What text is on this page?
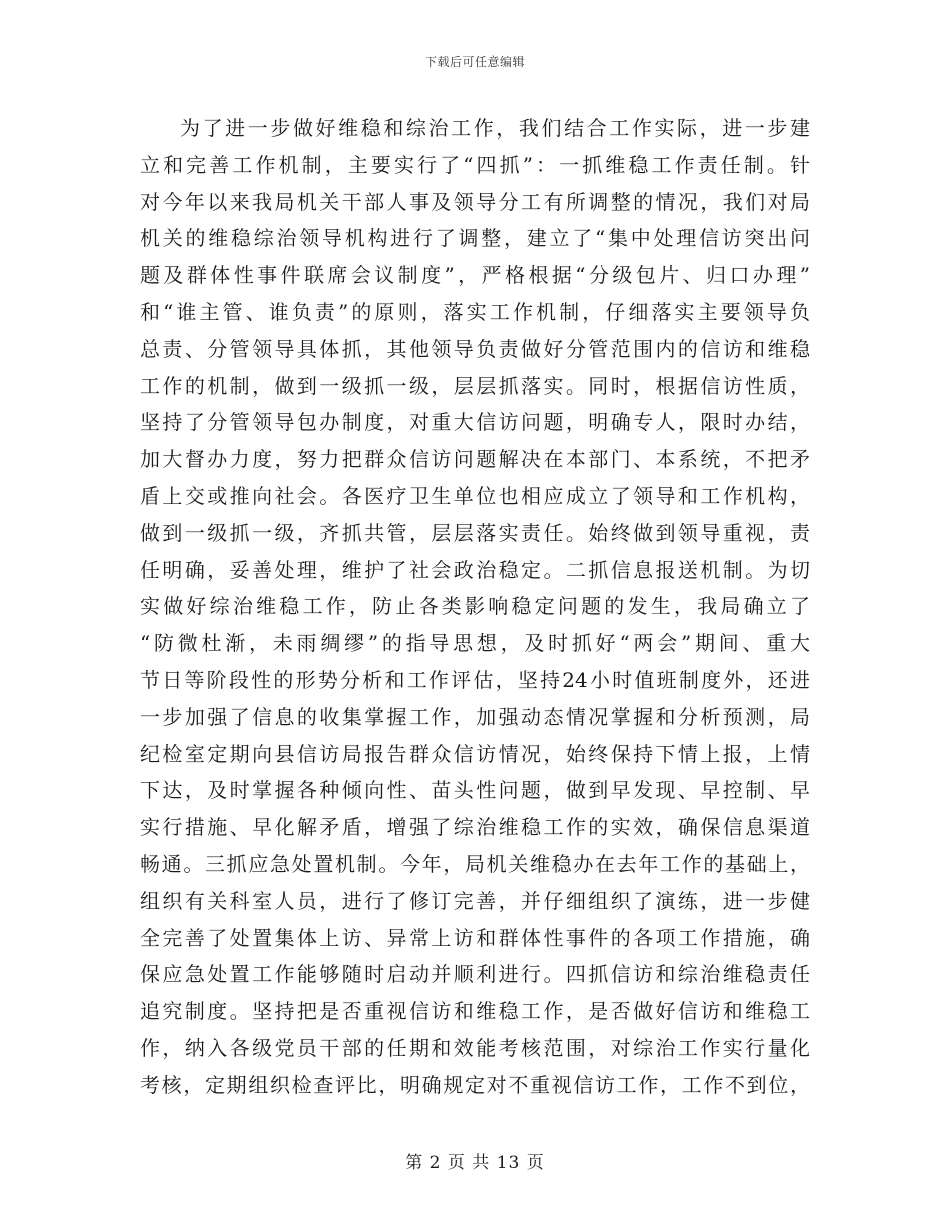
下载后可任意编辑
为了进一步做好维稳和综治工作，我们结合工作实际，进一步建
立和完善工作机制，主要实行了“四抓”：一抓维稳工作责任制。针
对今年以来我局机关干部人事及领导分工有所调整的情况，我们对局
机关的维稳综治领导机构进行了调整，建立了“集中处理信访突出问
题及群体性事件联席会议制度”，严格根据“分级包片、归口办理”
和“谁主管、谁负责”的原则，落实工作机制，仔细落实主要领导负
总责、分管领导具体抓，其他领导负责做好分管范围内的信访和维稳
工作的机制，做到一级抓一级，层层抓落实。同时，根据信访性质，
坚持了分管领导包办制度，对重大信访问题，明确专人，限时办结，
加大督办力度，努力把群众信访问题解决在本部门、本系统，不把矛
盾上交或推向社会。各医疗卫生单位也相应成立了领导和工作机构，
做到一级抓一级，齐抓共管，层层落实责任。始终做到领导重视，责
任明确，妥善处理，维护了社会政治稳定。二抓信息报送机制。为切
实做好综治维稳工作，防止各类影响稳定问题的发生，我局确立了
“防微杜渐，未雨绸缪”的指导思想，及时抓好“两会”期间、重大
节日等阶段性的形势分析和工作评估，坚持24小时值班制度外，还进
一步加强了信息的收集掌握工作，加强动态情况掌握和分析预测，局
纪检室定期向县信访局报告群众信访情况，始终保持下情上报，上情
下达，及时掌握各种倾向性、苗头性问题，做到早发现、早控制、早
实行措施、早化解矛盾，增强了综治维稳工作的实效，确保信息渠道
畅通。三抓应急处置机制。今年，局机关维稳办在去年工作的基础上，
组织有关科室人员，进行了修订完善，并仔细组织了演练，进一步健
全完善了处置集体上访、异常上访和群体性事件的各项工作措施，确
保应急处置工作能够随时启动并顺利进行。四抓信访和综治维稳责任
追究制度。坚持把是否重视信访和维稳工作，是否做好信访和维稳工
作，纳入各级党员干部的任期和效能考核范围，对综治工作实行量化
考核，定期组织检查评比，明确规定对不重视信访工作，工作不到位，
第 2 页 共 13 页
